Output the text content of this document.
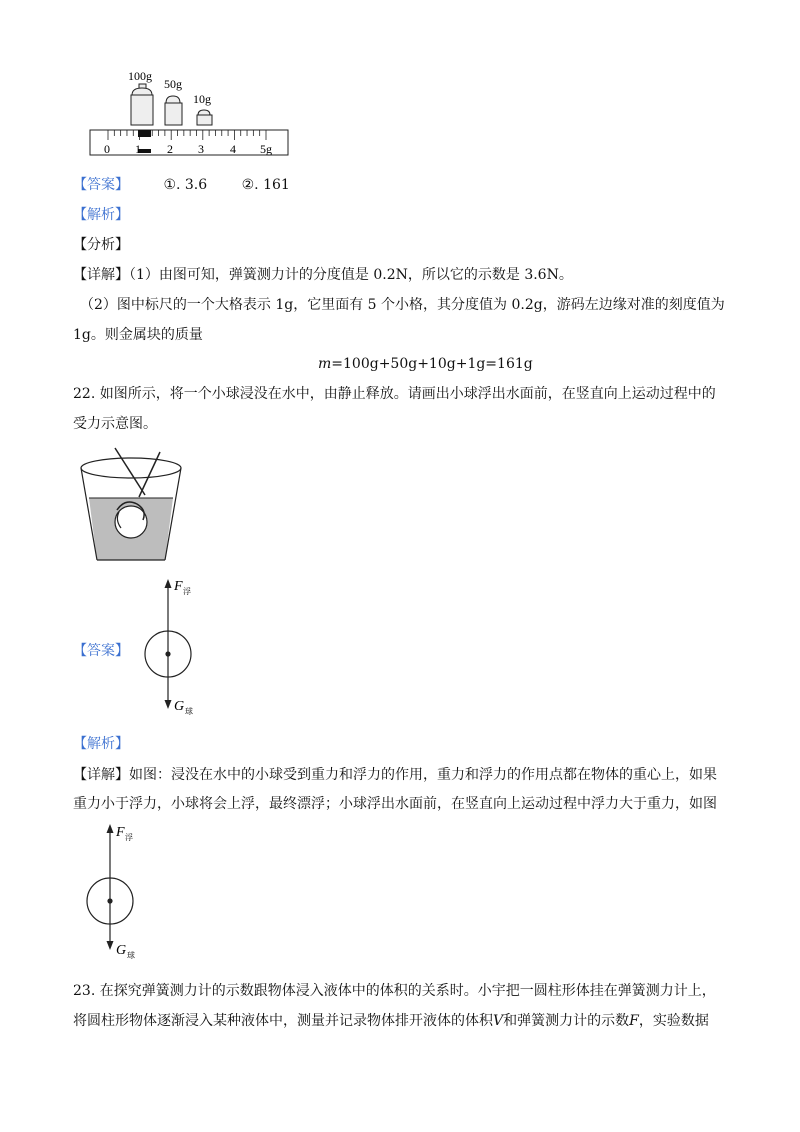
100g
50g
10g
0 1 2 3 4 5g
【答案】 ①. 3.6 ②. 161
【解析】
【分析】
【详解】（1）由图可知，弹簧测力计的分度值是 0.2N，所以它的示数是 3.6N。
（2）图中标尺的一个大格表示 1g，它里面有 5 个小格，其分度值为 0.2g，游码左边缘对准的刻度值为
1g。则金属块的质量
m=100g+50g+10g+1g=161g
22. 如图所示，将一个小球浸没在水中，由静止释放。请画出小球浮出水面前，在竖直向上运动过程中的
受力示意图。
【答案】
F 浮
G 球
【解析】
【详解】如图：浸没在水中的小球受到重力和浮力的作用，重力和浮力的作用点都在物体的重心上，如果
重力小于浮力，小球将会上浮，最终漂浮；小球浮出水面前，在竖直向上运动过程中浮力大于重力，如图
F 浮
G 球
23. 在探究弹簧测力计的示数跟物体浸入液体中的体积的关系时。小宇把一圆柱形体挂在弹簧测力计上，
将圆柱形物体逐渐浸入某种液体中，测量并记录物体排开液体的体积V和弹簧测力计的示数F，实验数据
